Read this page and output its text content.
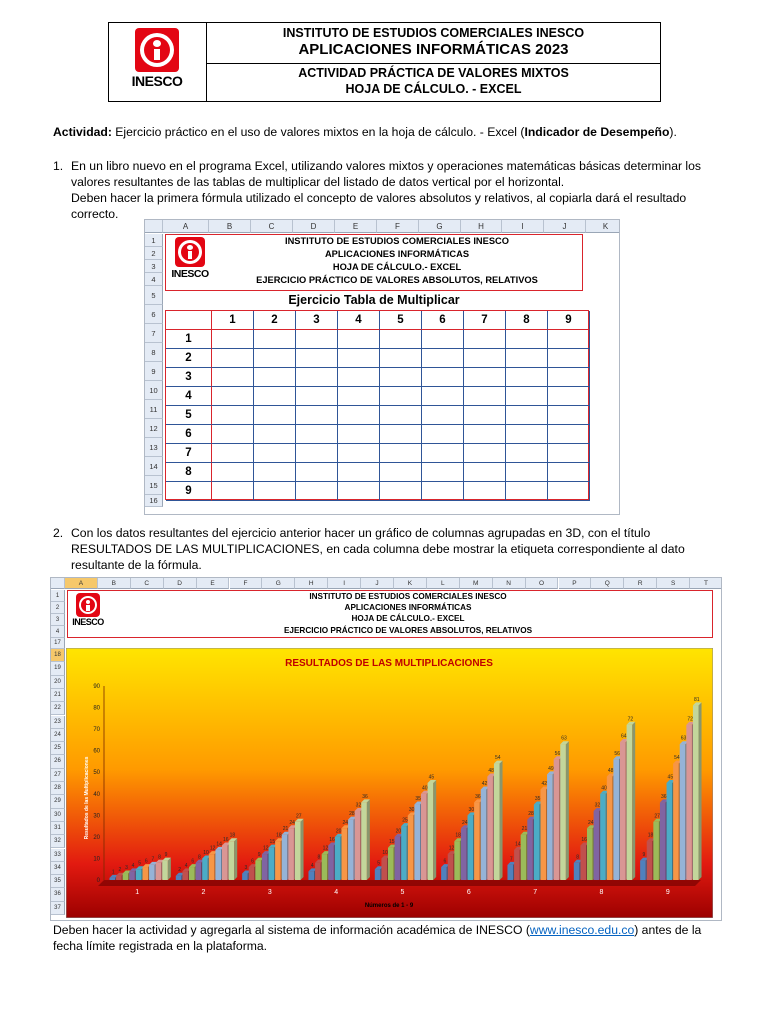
INESCO
INSTITUTO DE ESTUDIOS COMERCIALES INESCO
APLICACIONES INFORMÁTICAS 2023
ACTIVIDAD PRÁCTICA DE VALORES MIXTOS
HOJA DE CÁLCULO. - EXCEL
Actividad: Ejercicio práctico en el uso de valores mixtos en la hoja de cálculo. - Excel (Indicador de Desempeño).
1. En un libro nuevo en el programa Excel, utilizando valores mixtos y operaciones matemáticas básicas determinar los
valores resultantes de las tablas de multiplicar del listado de datos vertical por el horizontal.
Deben hacer la primera fórmula utilizado el concepto de valores absolutos y relativos, al copiarla dará el resultado
correcto.
A	B	C	D	E	F	G	H	I	J	K
1
2
3
4
5
6
7
8
9
10
11
12
13
14
15
16
INESCO
INSTITUTO DE ESTUDIOS COMERCIALES INESCO
APLICACIONES INFORMÁTICAS
HOJA DE CÁLCULO.- EXCEL
EJERCICIO PRÁCTICO DE VALORES ABSOLUTOS, RELATIVOS
Ejercicio Tabla de Multiplicar
1	2	3	4	5	6	7	8	9
1
2
3
4
5
6
7
8
9
2. Con los datos resultantes del ejercicio anterior hacer un gráfico de columnas agrupadas en 3D, con el título
RESULTADOS DE LAS MULTIPLICACIONES, en cada columna debe mostrar la etiqueta correspondiente al dato
resultante de la fórmula.
A	B	C	D	E	F	G	H	I	J	K	L	M	N	O	P	Q	R	S	T
1
2
3
4
17
18
19
20
21
22
23
24
25
26
27
28
29
30
31
32
33
34
35
36
37
INESCO
INSTITUTO DE ESTUDIOS COMERCIALES INESCO
APLICACIONES INFORMÁTICAS
HOJA DE CÁLCULO.- EXCEL
EJERCICIO PRÁCTICO DE VALORES ABSOLUTOS, RELATIVOS
RESULTADOS DE LAS MULTIPLICACIONES
Resultados de las Multiplicaciones
Números de 1 - 9
0
10
20
30
40
50
60
70
80
90
1 2 3 4 5 6 7 8 9
2
4
6
8
10
12
14
16
18
3
6
9
12
15
18
21
24
27
4
8
12
16
20
24
28
32
36
5
10
15
20
25
30
35
40
45
6
12
18
24
30
36
42
48
54
7
14
21
28
35
42
49
56
63
8
16
24
32
40
48
56
64
72
9
18
27
36
45
54
63
72
81
1	2	3	4	5	6	7	8	9
Deben hacer la actividad y agregarla al sistema de información académica de INESCO (www.inesco.edu.co) antes de la
fecha límite registrada en la plataforma.
